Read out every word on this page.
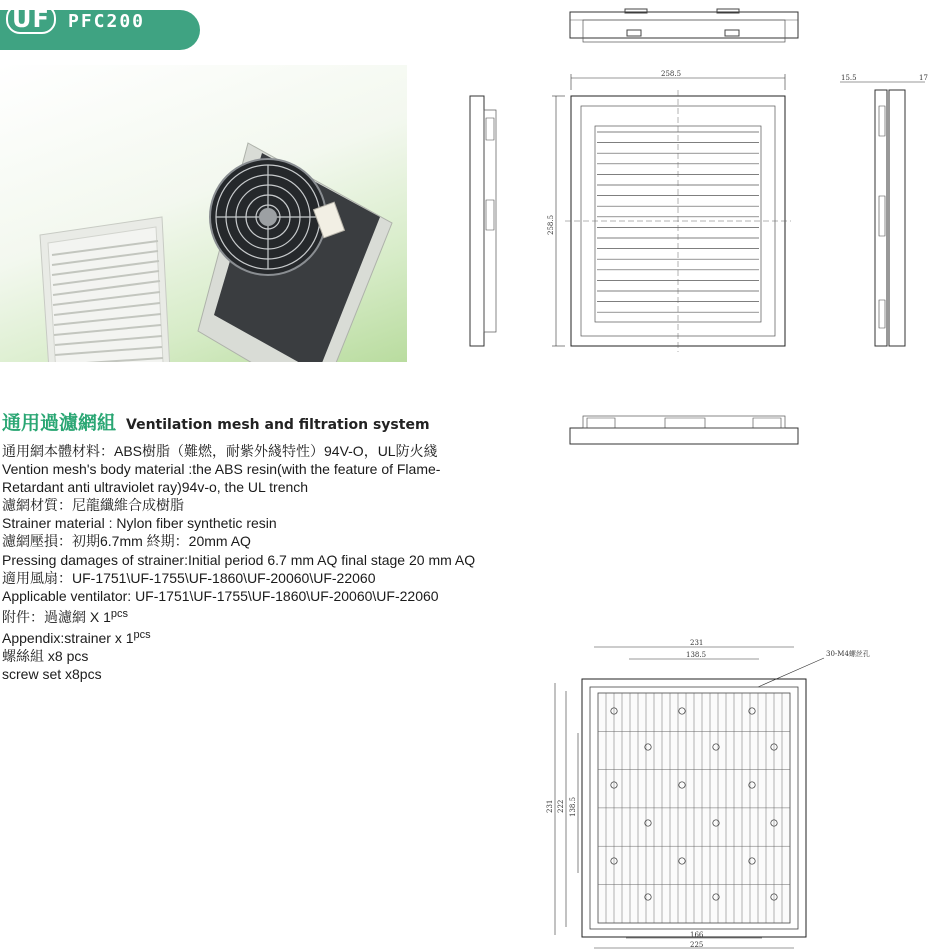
UF	PFC200
通用過濾網組 Ventilation mesh and filtration system
通用網本體材料：ABS樹脂（難燃，耐紫外綫特性）94V-O，UL防火綫
Vention mesh's body material :the ABS resin(with the feature of Flame-
Retardant anti ultraviolet ray)94v-o, the UL trench
濾網材質：尼龍纖維合成樹脂
Strainer material : Nylon fiber synthetic resin
濾網壓損：初期6.7mm 終期：20mm AQ
Pressing damages of strainer:Initial period 6.7 mm AQ final stage 20 mm AQ
適用風扇：UF-1751\UF-1755\UF-1860\UF-20060\UF-22060
Applicable ventilator: UF-1751\UF-1755\UF-1860\UF-20060\UF-22060
附件：過濾網 X $1^{pcs}$
Appendix:strainer x $1^{pcs}$
螺絲組 x8 pcs
screw set x8pcs
258.5
258.5
15.5	17
231
138.5	30-M4螺丝孔
231 222 138.5
166
225
